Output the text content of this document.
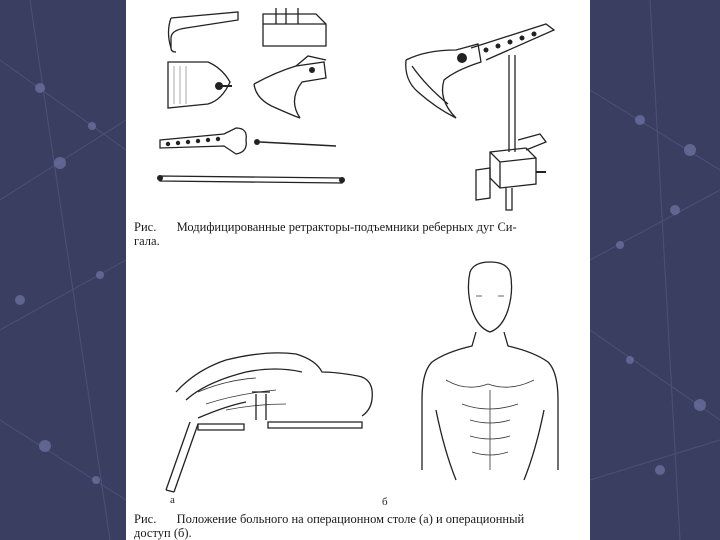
Рис. Модифицированные ретракторы-подъемники реберных дуг Си-
гала.
а	б
Рис. Положение больного на операционном столе (а) и операционный
доступ (б).
